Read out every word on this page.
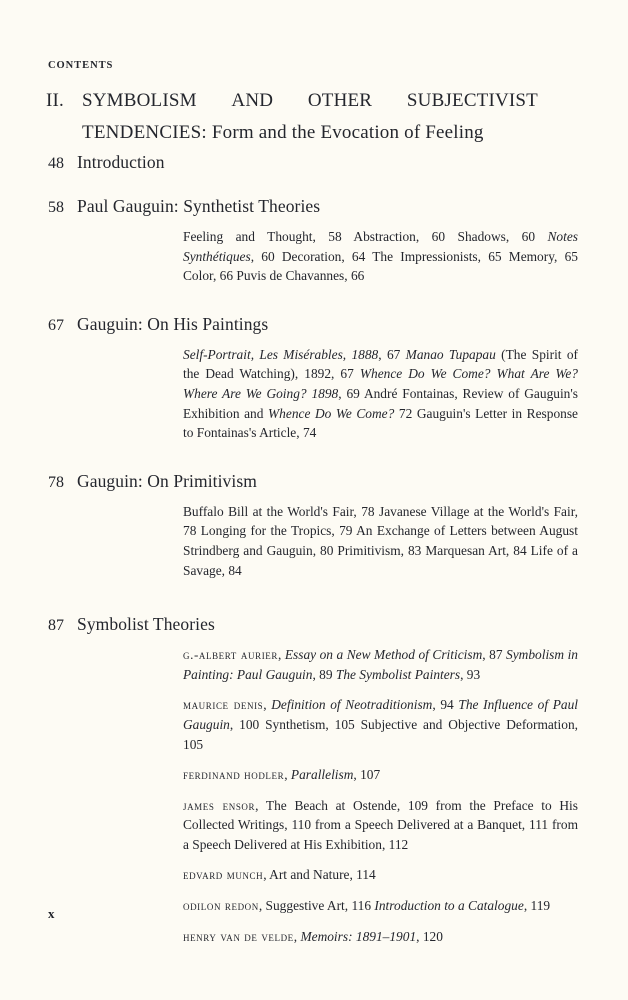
CONTENTS
II. SYMBOLISM AND OTHER SUBJECTIVIST
TENDENCIES: Form and the Evocation of Feeling
48 Introduction
58 Paul Gauguin: Synthetist Theories
Feeling and Thought, 58 Abstraction, 60 Shadows, 60 Notes Synthétiques, 60 Decoration, 64 The Impressionists, 65 Memory, 65 Color, 66 Puvis de Chavannes, 66
67 Gauguin: On His Paintings
Self-Portrait, Les Misérables, 1888, 67 Manao Tupapau (The Spirit of the Dead Watching), 1892, 67 Whence Do We Come? What Are We? Where Are We Going? 1898, 69 André Fontainas, Review of Gauguin's Exhibition and Whence Do We Come? 72 Gauguin's Letter in Response to Fontainas's Article, 74
78 Gauguin: On Primitivism
Buffalo Bill at the World's Fair, 78 Javanese Village at the World's Fair, 78 Longing for the Tropics, 79 An Exchange of Letters between August Strindberg and Gauguin, 80 Primitivism, 83 Marquesan Art, 84 Life of a Savage, 84
87 Symbolist Theories
g.-albert aurier, Essay on a New Method of Criticism, 87 Symbolism in Painting: Paul Gauguin, 89 The Symbolist Painters, 93
maurice denis, Definition of Neotraditionism, 94 The Influence of Paul Gauguin, 100 Synthetism, 105 Subjective and Objective Deformation, 105
ferdinand hodler, Parallelism, 107
james ensor, The Beach at Ostende, 109 from the Preface to His Collected Writings, 110 from a Speech Delivered at a Banquet, 111 from a Speech Delivered at His Exhibition, 112
edvard munch, Art and Nature, 114
odilon redon, Suggestive Art, 116 Introduction to a Catalogue, 119
henry van de velde, Memoirs: 1891–1901, 120
x
